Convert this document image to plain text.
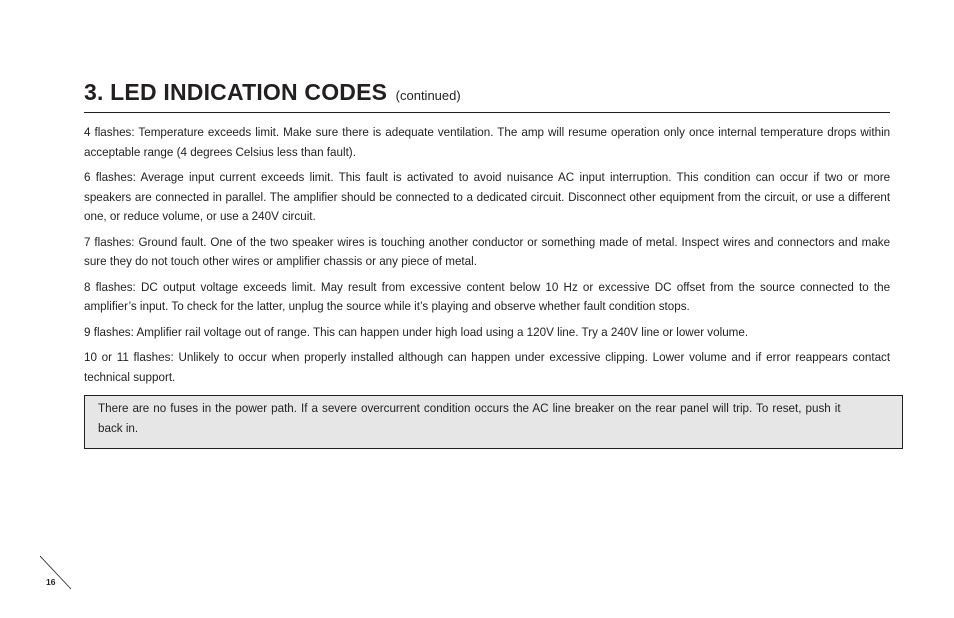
3. LED INDICATION CODES (continued)

4 flashes: Temperature exceeds limit. Make sure there is adequate ventilation. The amp will resume operation only once internal temperature drops within acceptable range (4 degrees Celsius less than fault).

6 flashes: Average input current exceeds limit. This fault is activated to avoid nuisance AC input interruption. This condition can occur if two or more speakers are connected in parallel. The amplifier should be connected to a dedicated circuit. Disconnect other equipment from the circuit, or use a different one, or reduce volume, or use a 240V circuit.

7 flashes: Ground fault. One of the two speaker wires is touching another conductor or something made of metal. Inspect wires and connectors and make sure they do not touch other wires or amplifier chassis or any piece of metal.

8 flashes: DC output voltage exceeds limit. May result from excessive content below 10 Hz or excessive DC offset from the source connected to the amplifier’s input. To check for the latter, unplug the source while it’s playing and observe whether fault condition stops.

9 flashes: Amplifier rail voltage out of range. This can happen under high load using a 120V line. Try a 240V line or lower volume.

10 or 11 flashes: Unlikely to occur when properly installed although can happen under excessive clipping. Lower volume and if error reappears contact technical support.

There are no fuses in the power path. If a severe overcurrent condition occurs the AC line breaker on the rear panel will trip. To reset, push it back in.
16
